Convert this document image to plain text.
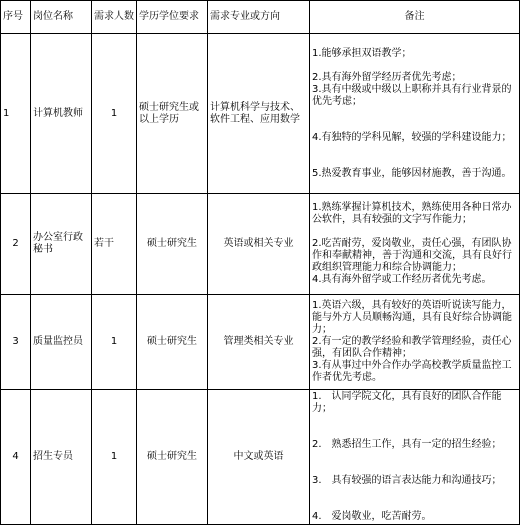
序号	岗位名称	需求人数	学历学位要求	需求专业或方向	备注
1	计算机教师	1	硕士研究生或以上学历	计算机科学与技术、软件工程、应用数学	1.能够承担双语教学；

2.具有海外留学经历者优先考虑；

3.具有中级或中级以上职称并具有行业背景的优先考虑；

4.有独特的学科见解，较强的学科建设能力；

5.热爱教育事业，能够因材施教，善于沟通。

2	办公室行政秘书	若干	硕士研究生	英语或相关专业	1.熟练掌握计算机技术，熟练使用各种日常办公软件，具有较强的文字写作能力；

2.吃苦耐劳，爱岗敬业，责任心强，有团队协作和奉献精神，善于沟通和交流，具有良好行政组织管理能力和综合协调能力；

4.具有海外留学或工作经历者优先考虑。

3	质量监控员	1	硕士研究生	管理类相关专业	1.英语六级，具有较好的英语听说读写能力，能与外方人员顺畅沟通，具有良好综合协调能力；

2.有一定的教学经验和教学管理经验，责任心强，有团队合作精神；

3.有从事过中外合作办学高校教学质量监控工作者优先考虑。

4	招生专员	1	硕士研究生	中文或英语	1.　认同学院文化，具有良好的团队合作能力；

2.　熟悉招生工作，具有一定的招生经验；

3.　具有较强的语言表达能力和沟通技巧；

4.　爱岗敬业，吃苦耐劳。
